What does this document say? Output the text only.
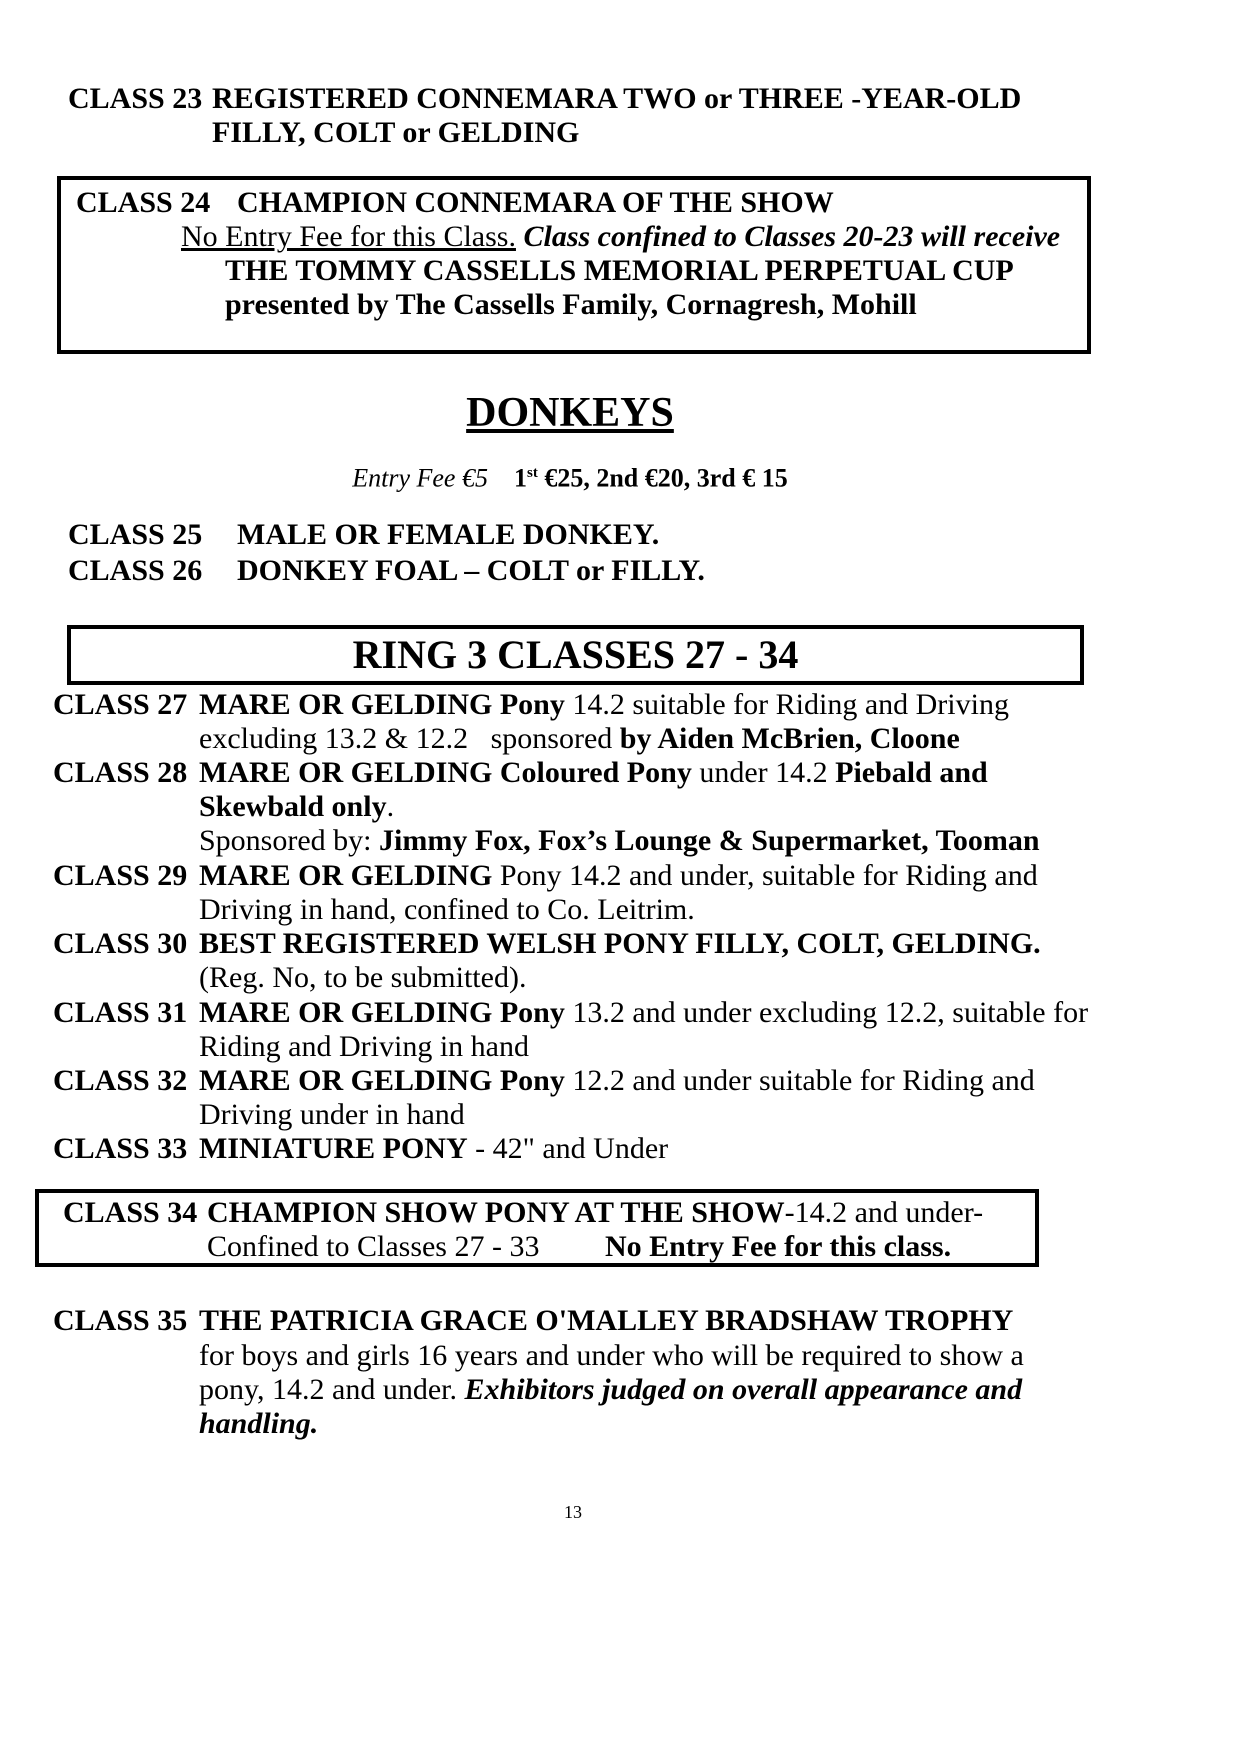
CLASS 23 REGISTERED CONNEMARA TWO or THREE -YEAR-OLD
FILLY, COLT or GELDING
CLASS 24 CHAMPION CONNEMARA OF THE SHOW
No Entry Fee for this Class. Class confined to Classes 20-23 will receive
THE TOMMY CASSELLS MEMORIAL PERPETUAL CUP
presented by The Cassells Family, Cornagresh, Mohill
DONKEYS
Entry Fee €5 1st €25, 2nd €20, 3rd € 15
CLASS 25 MALE OR FEMALE DONKEY.
CLASS 26 DONKEY FOAL – COLT or FILLY.
RING 3 CLASSES 27 - 34
CLASS 27 MARE OR GELDING Pony 14.2 suitable for Riding and Driving
excluding 13.2 & 12.2   sponsored by Aiden McBrien, Cloone
CLASS 28 MARE OR GELDING Coloured Pony under 14.2 Piebald and
Skewbald only.
Sponsored by: Jimmy Fox, Fox’s Lounge & Supermarket, Tooman
CLASS 29 MARE OR GELDING Pony 14.2 and under, suitable for Riding and
Driving in hand, confined to Co. Leitrim.
CLASS 30 BEST REGISTERED WELSH PONY FILLY, COLT, GELDING.
(Reg. No, to be submitted).
CLASS 31 MARE OR GELDING Pony 13.2 and under excluding 12.2, suitable for
Riding and Driving in hand
CLASS 32 MARE OR GELDING Pony 12.2 and under suitable for Riding and
Driving under in hand
CLASS 33 MINIATURE PONY - 42" and Under
CLASS 34 CHAMPION SHOW PONY AT THE SHOW-14.2 and under-
Confined to Classes 27 - 33 No Entry Fee for this class.
CLASS 35 THE PATRICIA GRACE O'MALLEY BRADSHAW TROPHY
for boys and girls 16 years and under who will be required to show a
pony, 14.2 and under. Exhibitors judged on overall appearance and
handling.
13
